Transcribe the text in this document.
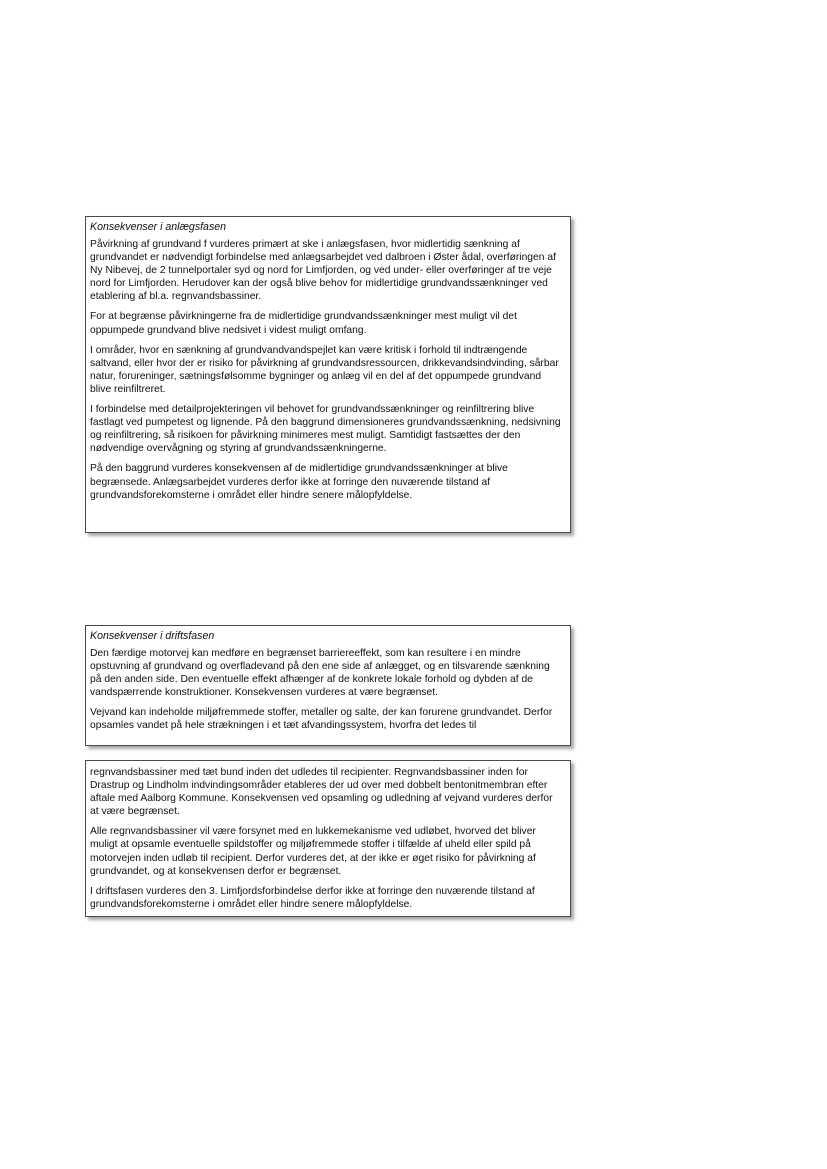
Konsekvenser i anlægsfasen

Påvirkning af grundvand f vurderes primært at ske i anlægsfasen, hvor midlertidig sænkning af grundvandet er nødvendigt forbindelse med anlægsarbejdet ved dalbroen i Øster ådal, overføringen af Ny Nibevej, de 2 tunnelportaler syd og nord for Limfjorden, og ved under- eller overføringer af tre veje nord for Limfjorden. Herudover kan der også blive behov for midlertidige grundvandssænkninger ved etablering af bl.a. regnvandsbassiner.

For at begrænse påvirkningerne fra de midlertidige grundvandssænkninger mest muligt vil det oppumpede grundvand blive nedsivet i videst muligt omfang.

I områder, hvor en sænkning af grundvandvandspejlet kan være kritisk i forhold til indtrængende saltvand, eller hvor der er risiko for påvirkning af grundvandsressourcen, drikkevandsindvinding, sårbar natur, forureninger, sætningsfølsomme bygninger og anlæg vil en del af det oppumpede grundvand blive reinfiltreret.

I forbindelse med detailprojekteringen vil behovet for grundvandssænkninger og reinfiltrering blive fastlagt ved pumpetest og lignende. På den baggrund dimensioneres grundvandssænkning, nedsivning og reinfiltrering, så risikoen for påvirkning minimeres mest muligt. Samtidigt fastsættes der den nødvendige overvågning og styring af grundvandssænkningerne.

På den baggrund vurderes konsekvensen af de midlertidige grundvandssænkninger at blive begrænsede. Anlægsarbejdet vurderes derfor ikke at forringe den nuværende tilstand af grundvandsforekomsterne i området eller hindre senere målopfyldelse.

Konsekvenser i driftsfasen

Den færdige motorvej kan medføre en begrænset barriereeffekt, som kan resultere i en mindre opstuvning af grundvand og overfladevand på den ene side af anlægget, og en tilsvarende sænkning på den anden side. Den eventuelle effekt afhænger af de konkrete lokale forhold og dybden af de vandspærrende konstruktioner. Konsekvensen vurderes at være begrænset.

Vejvand kan indeholde miljøfremmede stoffer, metaller og salte, der kan forurene grundvandet. Derfor opsamles vandet på hele strækningen i et tæt afvandingssystem, hvorfra det ledes til

regnvandsbassiner med tæt bund inden det udledes til recipienter. Regnvandsbassiner inden for Drastrup og Lindholm indvindingsområder etableres der ud over med dobbelt bentonitmembran efter aftale med Aalborg Kommune. Konsekvensen ved opsamling og udledning af vejvand vurderes derfor at være begrænset.

Alle regnvandsbassiner vil være forsynet med en lukkemekanisme ved udløbet, hvorved det bliver muligt at opsamle eventuelle spildstoffer og miljøfremmede stoffer i tilfælde af uheld eller spild på motorvejen inden udløb til recipient. Derfor vurderes det, at der ikke er øget risiko for påvirkning af grundvandet, og at konsekvensen derfor er begrænset.

I driftsfasen vurderes den 3. Limfjordsforbindelse derfor ikke at forringe den nuværende tilstand af grundvandsforekomsterne i området eller hindre senere målopfyldelse.
